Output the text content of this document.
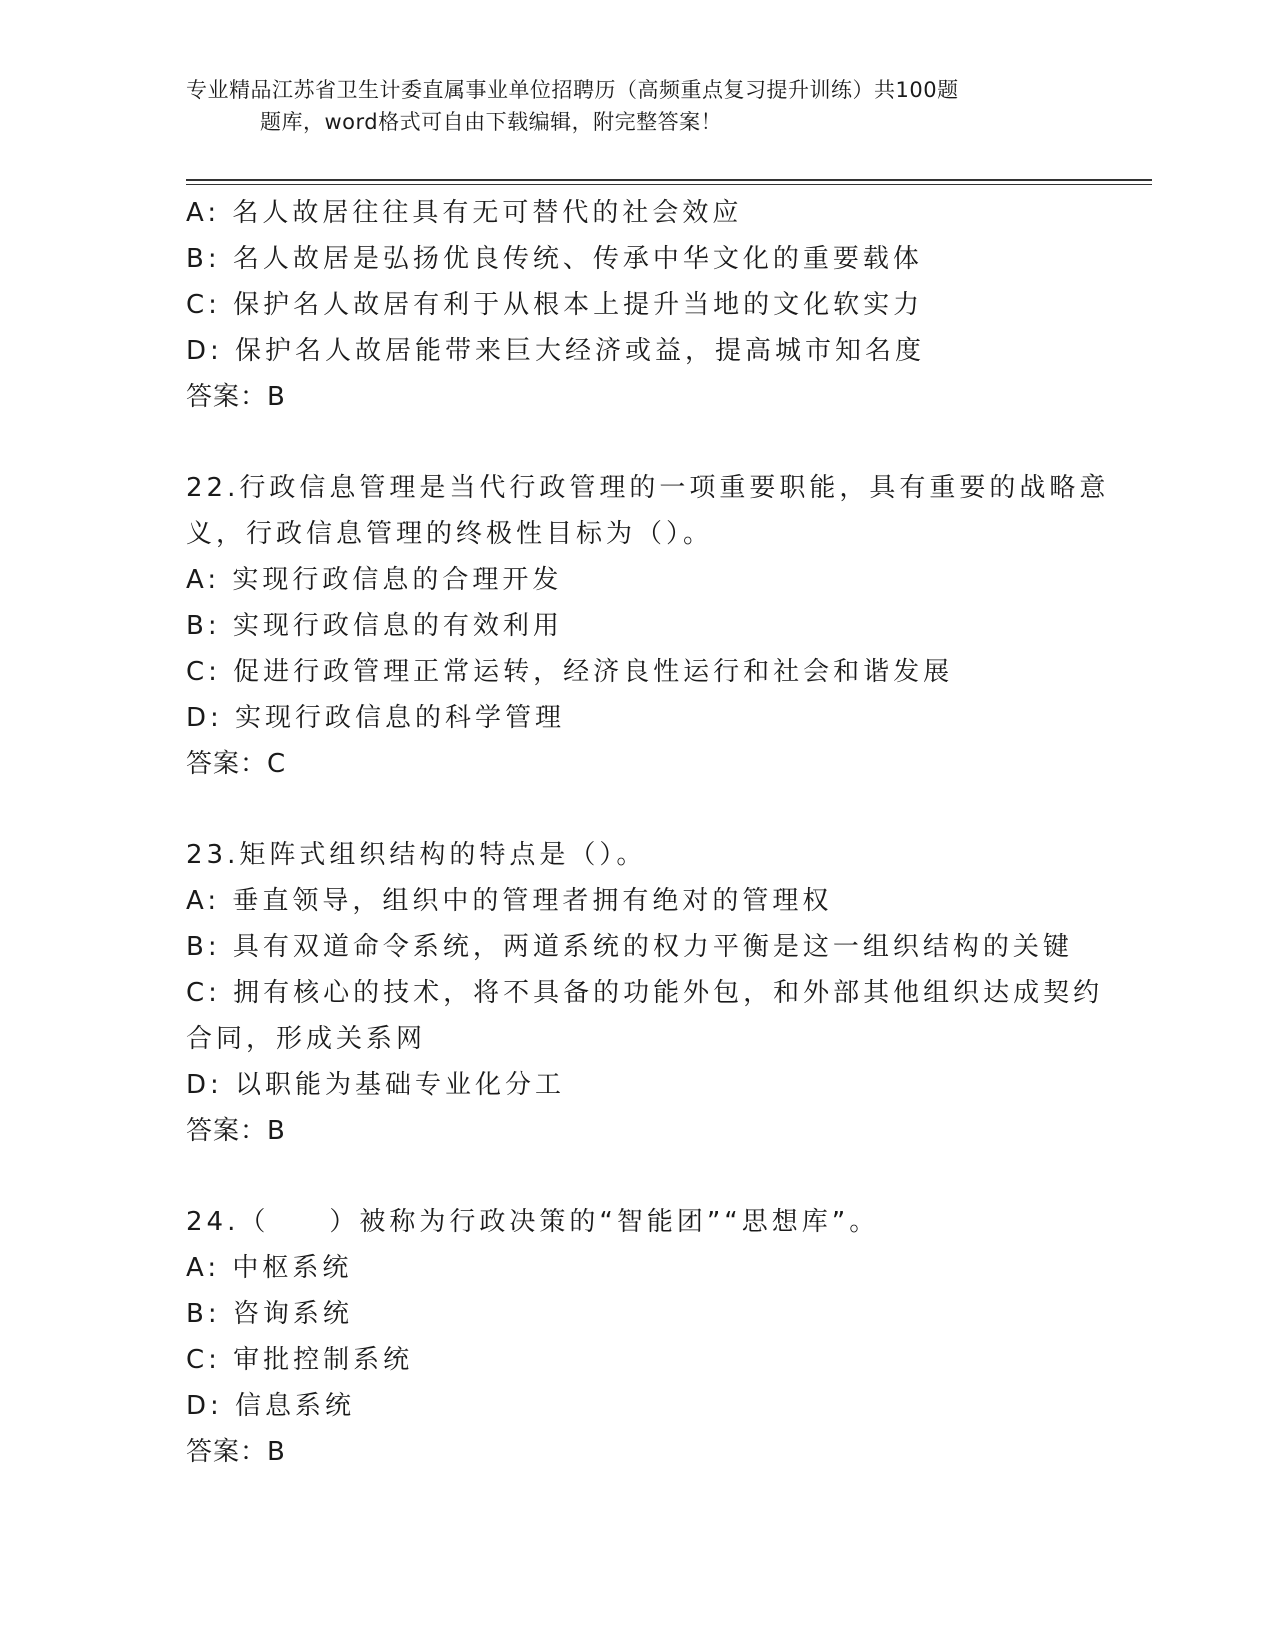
专业精品江苏省卫生计委直属事业单位招聘历（高频重点复习提升训练）共100题
题库，word格式可自由下载编辑，附完整答案！
A: 名人故居往往具有无可替代的社会效应
B: 名人故居是弘扬优良传统、传承中华文化的重要载体
C: 保护名人故居有利于从根本上提升当地的文化软实力
D: 保护名人故居能带来巨大经济或益，提高城市知名度
答案：B
22.行政信息管理是当代行政管理的一项重要职能，具有重要的战略意
义，行政信息管理的终极性目标为（）。
A: 实现行政信息的合理开发
B: 实现行政信息的有效利用
C: 促进行政管理正常运转，经济良性运行和社会和谐发展
D: 实现行政信息的科学管理
答案：C
23.矩阵式组织结构的特点是（）。
A: 垂直领导，组织中的管理者拥有绝对的管理权
B: 具有双道命令系统，两道系统的权力平衡是这一组织结构的关键
C: 拥有核心的技术，将不具备的功能外包，和外部其他组织达成契约
合同，形成关系网
D: 以职能为基础专业化分工
答案：B
24.（　　）被称为行政决策的“智能团”“思想库”。
A: 中枢系统
B: 咨询系统
C: 审批控制系统
D: 信息系统
答案：B
